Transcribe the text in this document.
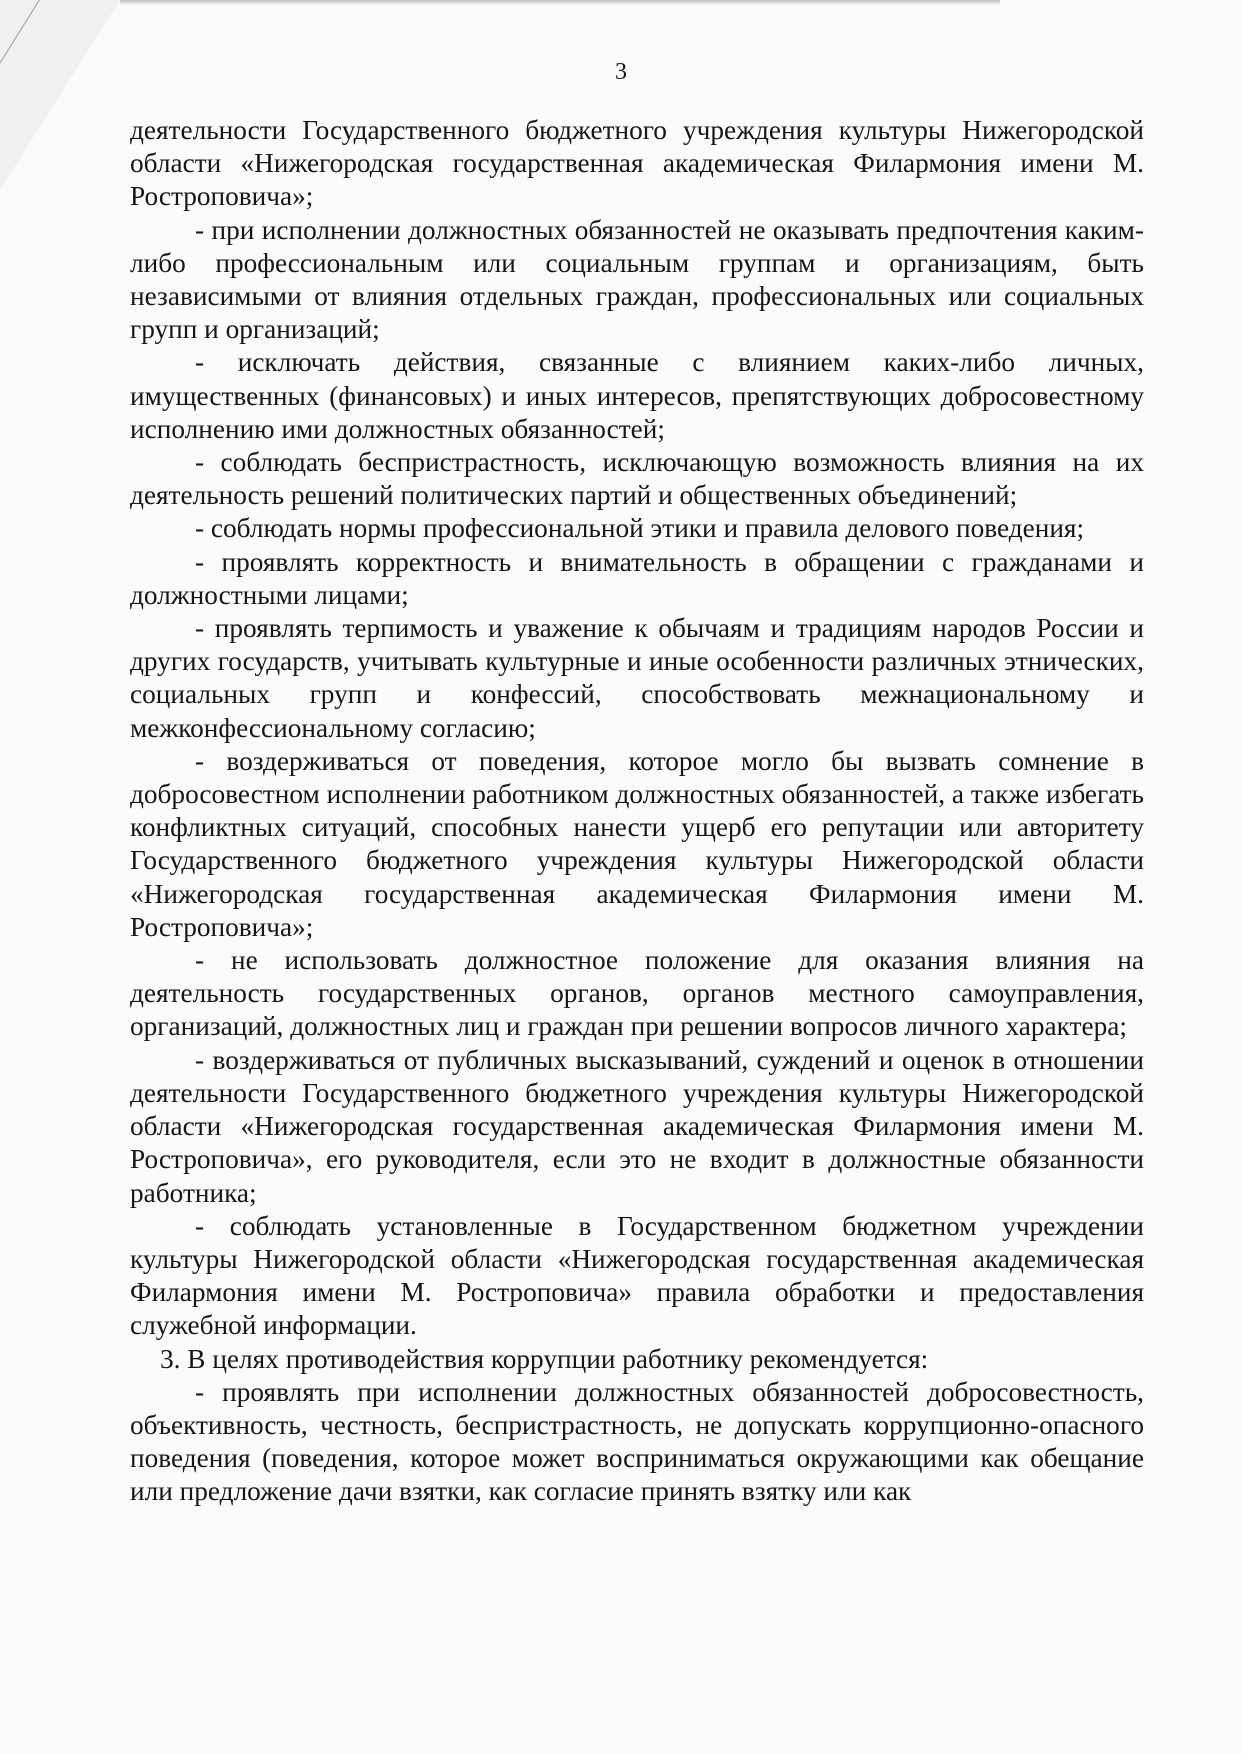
3

деятельности Государственного бюджетного учреждения культуры Нижегородской области «Нижегородская государственная академическая Филармония имени М. Ростроповича»;

- при исполнении должностных обязанностей не оказывать предпочтения каким-либо профессиональным или социальным группам и организациям, быть независимыми от влияния отдельных граждан, профессиональных или социальных групп и организаций;

- исключать действия, связанные с влиянием каких-либо личных, имущественных (финансовых) и иных интересов, препятствующих добросовестному исполнению ими должностных обязанностей;

- соблюдать беспристрастность, исключающую возможность влияния на их деятельность решений политических партий и общественных объединений;

- соблюдать нормы профессиональной этики и правила делового поведения;

- проявлять корректность и внимательность в обращении с гражданами и должностными лицами;

- проявлять терпимость и уважение к обычаям и традициям народов России и других государств, учитывать культурные и иные особенности различных этнических, социальных групп и конфессий, способствовать межнациональному и межконфессиональному согласию;

- воздерживаться от поведения, которое могло бы вызвать сомнение в добросовестном исполнении работником должностных обязанностей, а также избегать конфликтных ситуаций, способных нанести ущерб его репутации или авторитету Государственного бюджетного учреждения культуры Нижегородской области «Нижегородская государственная академическая Филармония имени М. Ростроповича»;

- не использовать должностное положение для оказания влияния на деятельность государственных органов, органов местного самоуправления, организаций, должностных лиц и граждан при решении вопросов личного характера;

- воздерживаться от публичных высказываний, суждений и оценок в отношении деятельности Государственного бюджетного учреждения культуры Нижегородской области «Нижегородская государственная академическая Филармония имени М. Ростроповича», его руководителя, если это не входит в должностные обязанности работника;

- соблюдать установленные в Государственном бюджетном учреждении культуры Нижегородской области «Нижегородская государственная академическая Филармония имени М. Ростроповича» правила обработки и предоставления служебной информации.

3. В целях противодействия коррупции работнику рекомендуется:

- проявлять при исполнении должностных обязанностей добросовестность, объективность, честность, беспристрастность, не допускать коррупционно-опасного поведения (поведения, которое может восприниматься окружающими как обещание или предложение дачи взятки, как согласие принять взятку или как
